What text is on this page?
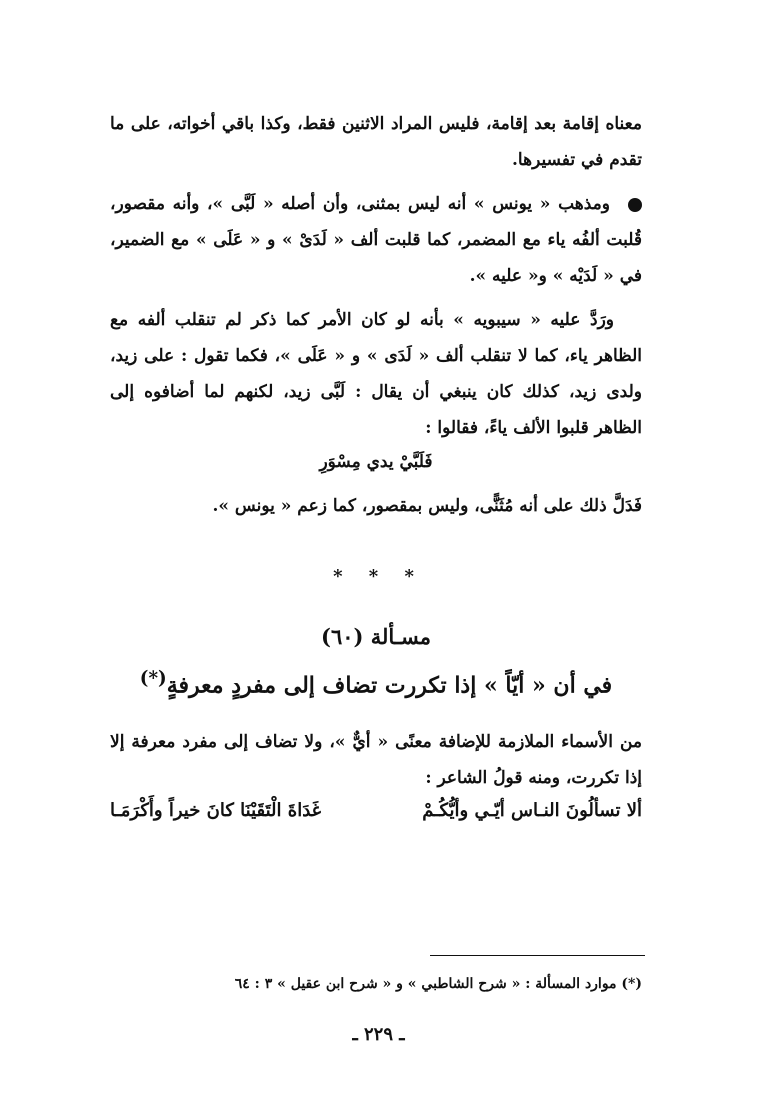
معناه إقامة بعد إقامة، فليس المراد الاثنين فقط، وكذا باقي أخواته، على ما تقدم في تفسيرها.
ومذهب « يونس » أنه ليس بمثنى، وأن أصله « لَبَّى »، وأنه مقصور، قُلبت ألفُه ياء مع المضمر، كما قلبت ألف « لَدَىْ » و « عَلَى » مع الضمير، في « لَدَيْه » و« عليه ».
ورَدَّ عليه « سيبويه » بأنه لو كان الأمر كما ذكر لم تنقلب ألفه مع الظاهر ياء، كما لا تنقلب ألف « لَدَى » و « عَلَى »، فكما تقول : على زيد، ولدى زيد، كذلك كان ينبغي أن يقال : لَبَّى زيد، لكنهم لما أضافوه إلى الظاهر قلبوا الألف ياءً، فقالوا :
فَلَبَّيْ يدي مِسْوَرِ
فَدَلَّ ذلك على أنه مُثَنًّى، وليس بمقصور، كما زعم « يونس ».
* * *
مسـألة (٦٠)
في أن « أيّاً » إذا تكررت تضاف إلى مفردٍ معرفةٍ(*)
من الأسماء الملازمة للإضافة معنًى « أيٌّ »، ولا تضاف إلى مفرد معرفة إلا إذا تكررت، ومنه قولُ الشاعر :
ألا تسألُونَ النـاس أيّـي وأيُّكُـمْ
غَدَاةَ الْتَقَيْنَا كانَ خيراً وأَكْرَمَـا
(*) موارد المسألة : « شرح الشاطبي » و « شرح ابن عقيل » ٣ : ٦٤
ـ ٢٢٩ ـ
